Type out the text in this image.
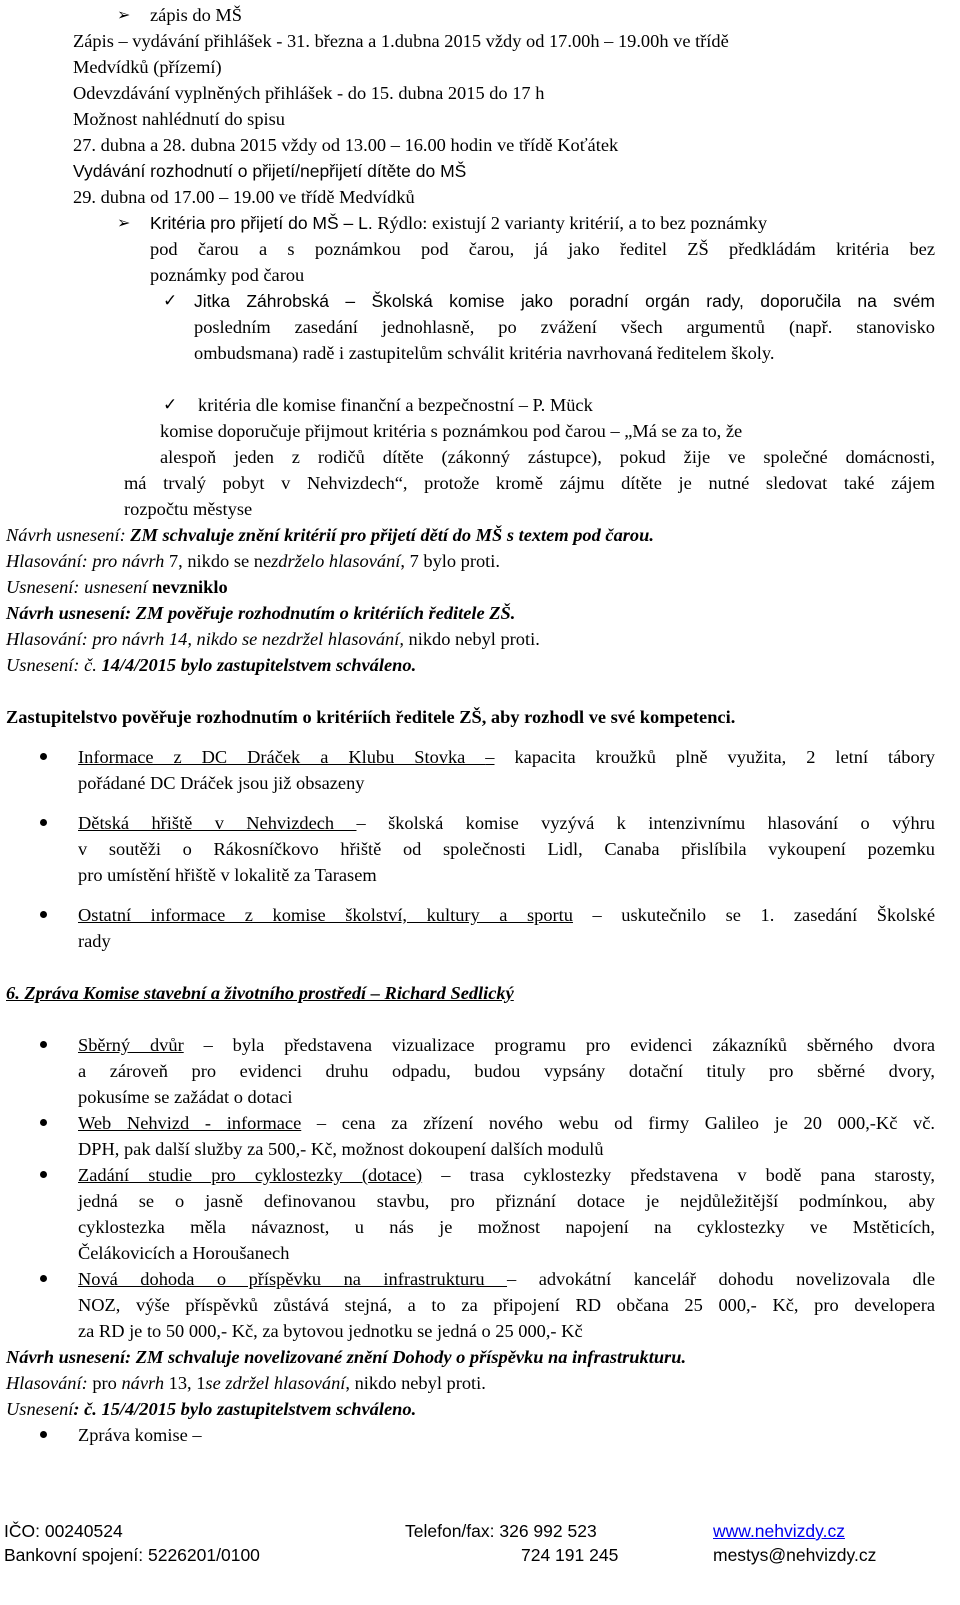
➢ zápis do MŠ
Zápis – vydávání přihlášek - 31. března a 1.dubna 2015 vždy od 17.00h – 19.00h ve třídě
Medvídků (přízemí)
Odevzdávání vyplněných přihlášek - do 15. dubna 2015 do 17 h
Možnost nahlédnutí do spisu
27. dubna a 28. dubna 2015 vždy od 13.00 – 16.00 hodin ve třídě Koťátek
Vydávání rozhodnutí o přijetí/nepřijetí dítěte do MŠ
29. dubna od 17.00 – 19.00 ve třídě Medvídků
➢ Kritéria pro přijetí do MŠ – L. Rýdlo: existují 2 varianty kritérií, a to bez poznámky
pod čarou a s poznámkou pod čarou, já jako ředitel ZŠ předkládám kritéria bez
poznámky pod čarou
✓ Jitka Záhrobská – Školská komise jako poradní orgán rady, doporučila na svém
posledním zasedání jednohlasně, po zvážení všech argumentů (např. stanovisko
ombudsmana) radě i zastupitelům schválit kritéria navrhovaná ředitelem školy.
✓ kritéria dle komise finanční a bezpečnostní – P. Mück
komise doporučuje přijmout kritéria s poznámkou pod čarou – „Má se za to, že
alespoň jeden z rodičů dítěte (zákonný zástupce), pokud žije ve společné domácnosti,
má trvalý pobyt v Nehvizdech“, protože kromě zájmu dítěte je nutné sledovat také zájem
rozpočtu městyse
Návrh usnesení: ZM schvaluje znění kritérií pro přijetí dětí do MŠ s textem pod čarou.
Hlasování: pro návrh 7, nikdo se nezdrželo hlasování, 7 bylo proti.
Usnesení: usnesení nevzniklo
Návrh usnesení: ZM pověřuje rozhodnutím o kritériích ředitele ZŠ.
Hlasování: pro návrh 14, nikdo se nezdržel hlasování, nikdo nebyl proti.
Usnesení: č. 14/4/2015 bylo zastupitelstvem schváleno.
Zastupitelstvo pověřuje rozhodnutím o kritériích ředitele ZŠ, aby rozhodl ve své kompetenci.
Informace z DC Dráček a Klubu Stovka – kapacita kroužků plně využita, 2 letní tábory
pořádané DC Dráček jsou již obsazeny
Dětská hřiště v Nehvizdech – školská komise vyzývá k intenzivnímu hlasování o výhru
v soutěži o Rákosníčkovo hřiště od společnosti Lidl, Canaba přislíbila vykoupení pozemku
pro umístění hřiště v lokalitě za Tarasem
Ostatní informace z komise školství, kultury a sportu – uskutečnilo se 1. zasedání Školské
rady
6. Zpráva Komise stavební a životního prostředí – Richard Sedlický
Sběrný dvůr – byla představena vizualizace programu pro evidenci zákazníků sběrného dvora
a zároveň pro evidenci druhu odpadu, budou vypsány dotační tituly pro sběrné dvory,
pokusíme se zažádat o dotaci
Web Nehvizd - informace – cena za zřízení nového webu od firmy Galileo je 20 000,-Kč vč.
DPH, pak další služby za 500,- Kč, možnost dokoupení dalších modulů
Zadání studie pro cyklostezky (dotace) – trasa cyklostezky představena v bodě pana starosty,
jedná se o jasně definovanou stavbu, pro přiznání dotace je nejdůležitější podmínkou, aby
cyklostezka měla návaznost, u nás je možnost napojení na cyklostezky ve Mstěticích,
Čelákovicích a Horoušanech
Nová dohoda o příspěvku na infrastrukturu – advokátní kancelář dohodu novelizovala dle
NOZ, výše příspěvků zůstává stejná, a to za připojení RD občana 25 000,- Kč, pro developera
za RD je to 50 000,- Kč, za bytovou jednotku se jedná o 25 000,- Kč
Návrh usnesení: ZM schvaluje novelizované znění Dohody o příspěvku na infrastrukturu.
Hlasování: pro návrh 13, 1se zdržel hlasování, nikdo nebyl proti.
Usnesení: č. 15/4/2015 bylo zastupitelstvem schváleno.
Zpráva komise –
IČO: 00240524	Telefon/fax: 326 992 523	www.nehvizdy.cz
Bankovní spojení: 5226201/0100	724 191 245	mestys@nehvizdy.cz
